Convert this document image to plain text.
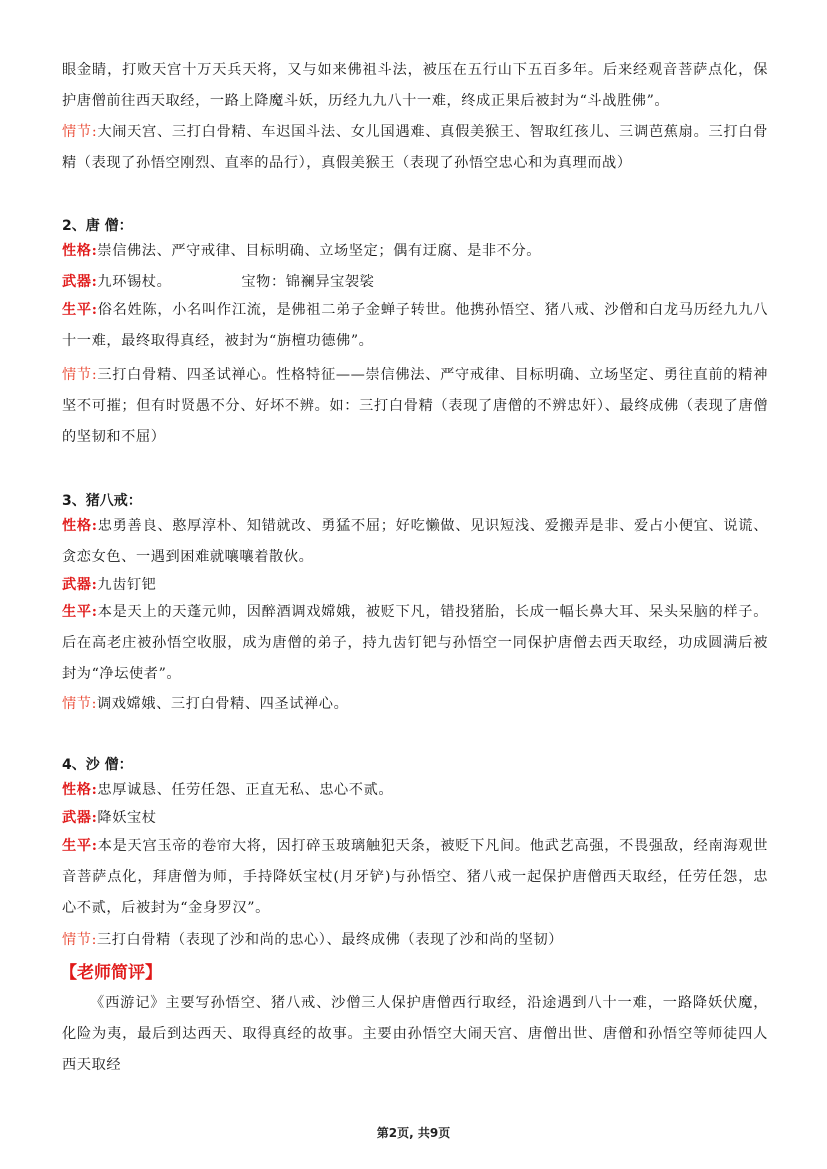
眼金睛，打败天宫十万天兵天将，又与如来佛祖斗法，被压在五行山下五百多年。后来经观音菩萨点化，保护唐僧前往西天取经，一路上降魔斗妖，历经九九八十一难，终成正果后被封为“斗战胜佛”。

情节:大闹天宫、三打白骨精、车迟国斗法、女儿国遇难、真假美猴王、智取红孩儿、三调芭蕉扇。三打白骨精（表现了孙悟空刚烈、直率的品行），真假美猴王（表现了孙悟空忠心和为真理而战）

2、唐 僧：

性格:崇信佛法、严守戒律、目标明确、立场坚定；偶有迂腐、是非不分。

武器:九环锡杖。	宝物：锦襕异宝袈裟

生平:俗名姓陈，小名叫作江流，是佛祖二弟子金蝉子转世。他携孙悟空、猪八戒、沙僧和白龙马历经九九八十一难，最终取得真经，被封为“旃檀功德佛”。

情节:三打白骨精、四圣试禅心。性格特征——崇信佛法、严守戒律、目标明确、立场坚定、勇往直前的精神坚不可摧；但有时贤愚不分、好坏不辨。如：三打白骨精（表现了唐僧的不辨忠奸）、最终成佛（表现了唐僧的坚韧和不屈）

3、猪八戒：

性格:忠勇善良、憨厚淳朴、知错就改、勇猛不屈；好吃懒做、见识短浅、爱搬弄是非、爱占小便宜、说谎、贪恋女色、一遇到困难就嚷嚷着散伙。

武器:九齿钉钯

生平:本是天上的天蓬元帅，因醉酒调戏嫦娥，被贬下凡，错投猪胎，长成一幅长鼻大耳、呆头呆脑的样子。后在高老庄被孙悟空收服，成为唐僧的弟子，持九齿钉钯与孙悟空一同保护唐僧去西天取经，功成圆满后被封为“净坛使者”。

情节:调戏嫦娥、三打白骨精、四圣试禅心。

4、沙 僧：

性格:忠厚诚恳、任劳任怨、正直无私、忠心不贰。

武器:降妖宝杖

生平:本是天宫玉帝的卷帘大将，因打碎玉玻璃触犯天条，被贬下凡间。他武艺高强，不畏强敌，经南海观世音菩萨点化，拜唐僧为师，手持降妖宝杖(月牙铲)与孙悟空、猪八戒一起保护唐僧西天取经，任劳任怨，忠心不贰，后被封为“金身罗汉”。

情节:三打白骨精（表现了沙和尚的忠心）、最终成佛（表现了沙和尚的坚韧）

【老师简评】

《西游记》主要写孙悟空、猪八戒、沙僧三人保护唐僧西行取经，沿途遇到八十一难，一路降妖伏魔，化险为夷，最后到达西天、取得真经的故事。主要由孙悟空大闹天宫、唐僧出世、唐僧和孙悟空等师徒四人西天取经

第2页, 共9页
